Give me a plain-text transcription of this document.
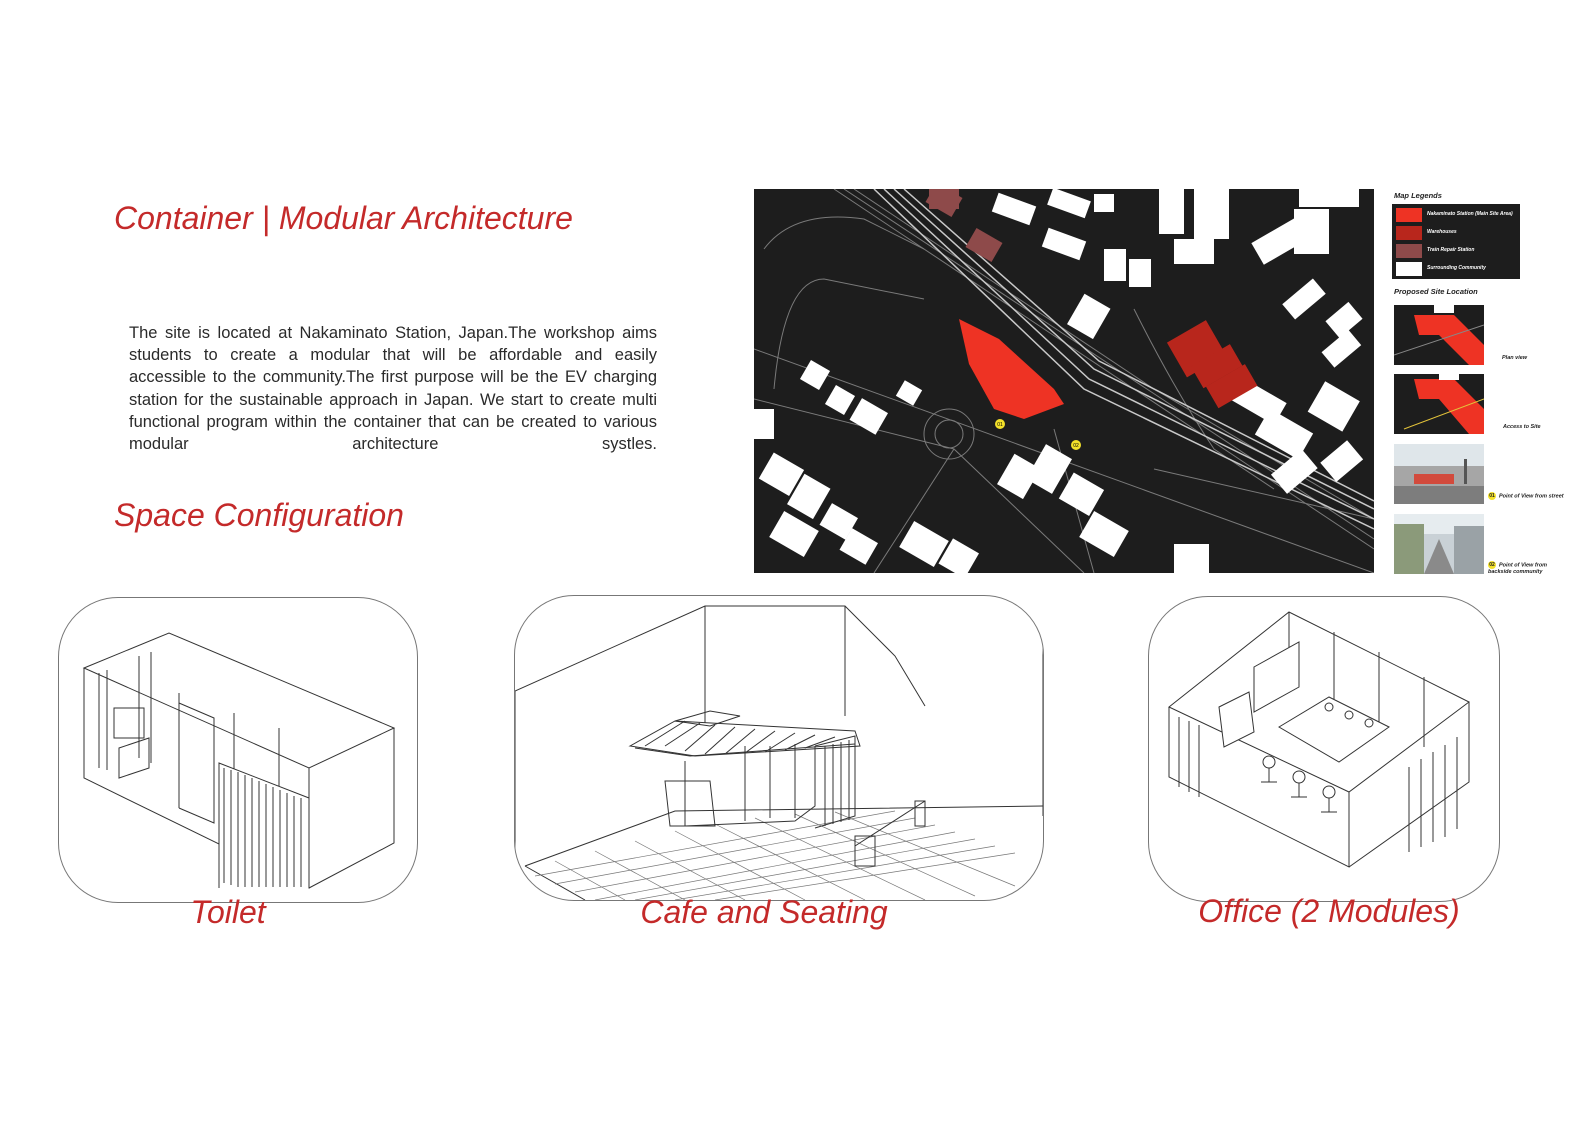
Container | Modular Architecture

The site is located at Nakaminato Station, Japan.The workshop aims students to create a modular that will be affordable and easily accessible to the community.The first purpose will be the EV charging station for the sustainable approach in Japan. We start to create multi functional program within the container that can be created to various modular architecture systles.

Space Configuration
01
02
Map Legends
Nakaminato Station (Main Site Area)
Warehouses
Train Repair Station
Surrounding Community
Proposed Site Location
Plan view
Access to Site
01 Point of View from street
02 Point of View from backside community

Toilet	Cafe and Seating	Office (2 Modules)
